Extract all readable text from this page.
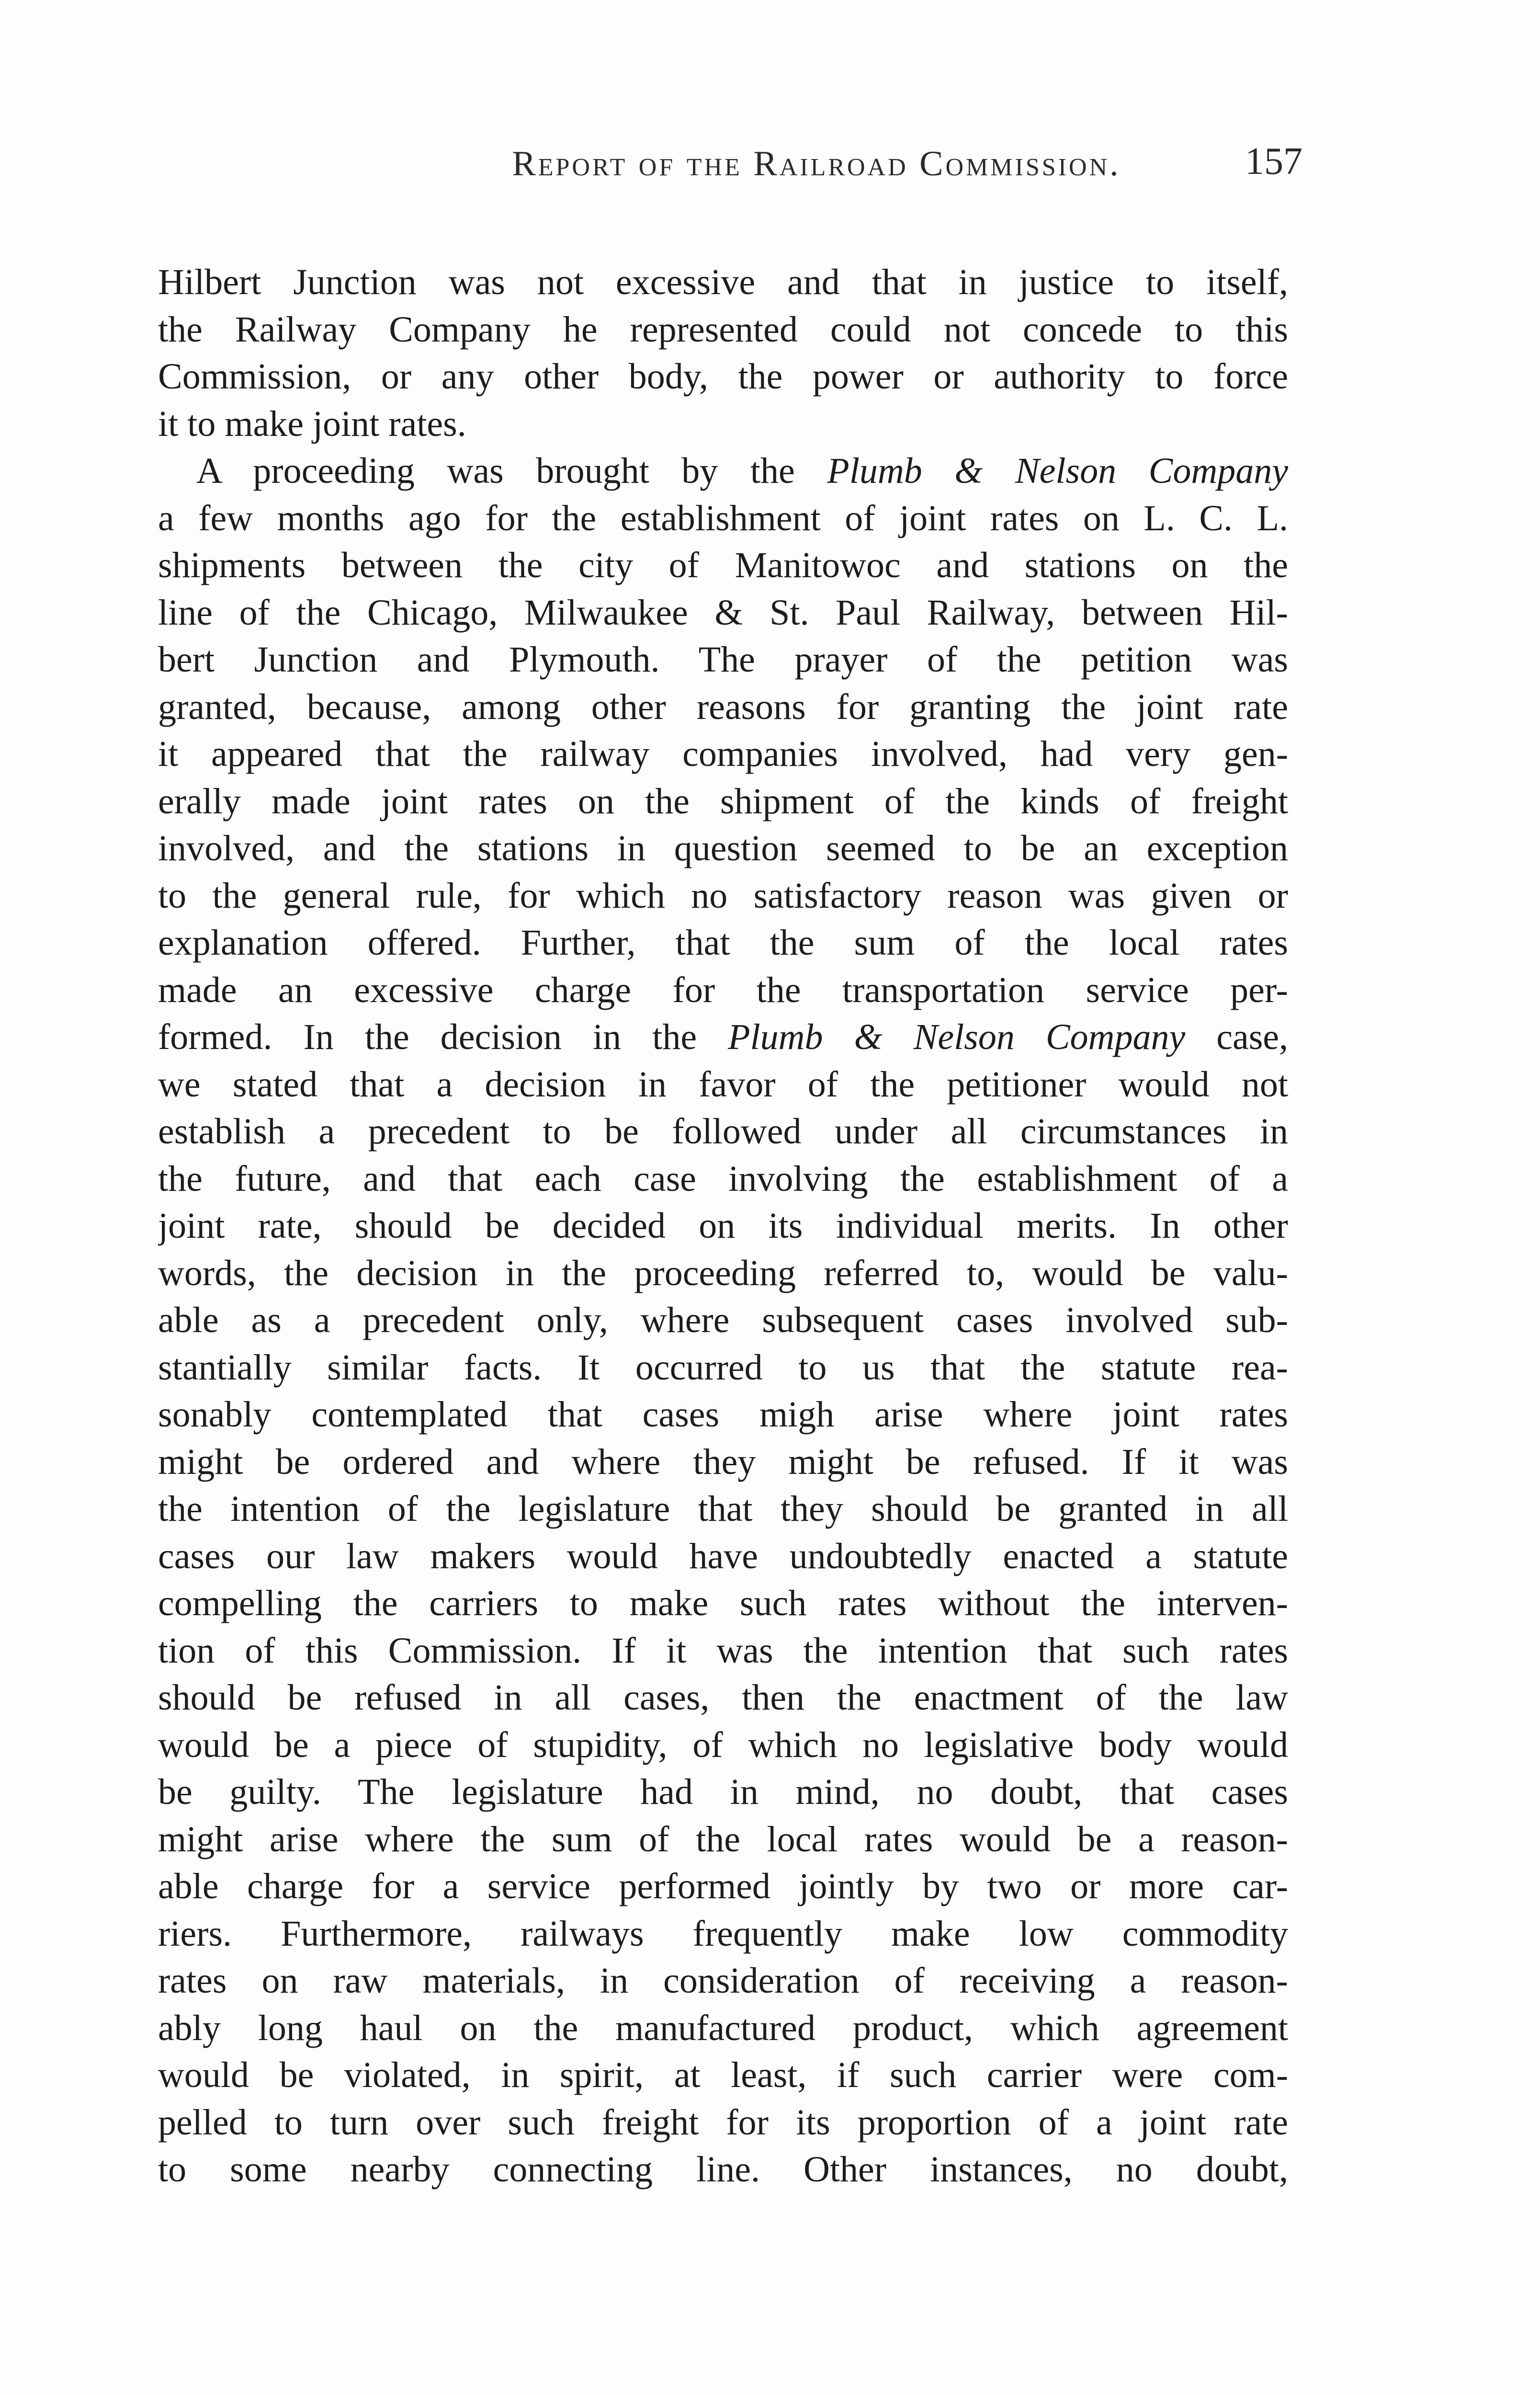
Report of the Railroad Commission.	157
Hilbert Junction was not excessive and that in justice to itself,
the Railway Company he represented could not concede to this
Commission, or any other body, the power or authority to force
it to make joint rates.
A proceeding was brought by the Plumb & Nelson Company
a few months ago for the establishment of joint rates on L. C. L.
shipments between the city of Manitowoc and stations on the
line of the Chicago, Milwaukee & St. Paul Railway, between Hil-
bert Junction and Plymouth. The prayer of the petition was
granted, because, among other reasons for granting the joint rate
it appeared that the railway companies involved, had very gen-
erally made joint rates on the shipment of the kinds of freight
involved, and the stations in question seemed to be an exception
to the general rule, for which no satisfactory reason was given or
explanation offered. Further, that the sum of the local rates
made an excessive charge for the transportation service per-
formed. In the decision in the Plumb & Nelson Company case,
we stated that a decision in favor of the petitioner would not
establish a precedent to be followed under all circumstances in
the future, and that each case involving the establishment of a
joint rate, should be decided on its individual merits. In other
words, the decision in the proceeding referred to, would be valu-
able as a precedent only, where subsequent cases involved sub-
stantially similar facts. It occurred to us that the statute rea-
sonably contemplated that cases migh arise where joint rates
might be ordered and where they might be refused. If it was
the intention of the legislature that they should be granted in all
cases our law makers would have undoubtedly enacted a statute
compelling the carriers to make such rates without the interven-
tion of this Commission. If it was the intention that such rates
should be refused in all cases, then the enactment of the law
would be a piece of stupidity, of which no legislative body would
be guilty. The legislature had in mind, no doubt, that cases
might arise where the sum of the local rates would be a reason-
able charge for a service performed jointly by two or more car-
riers. Furthermore, railways frequently make low commodity
rates on raw materials, in consideration of receiving a reason-
ably long haul on the manufactured product, which agreement
would be violated, in spirit, at least, if such carrier were com-
pelled to turn over such freight for its proportion of a joint rate
to some nearby connecting line. Other instances, no doubt,
